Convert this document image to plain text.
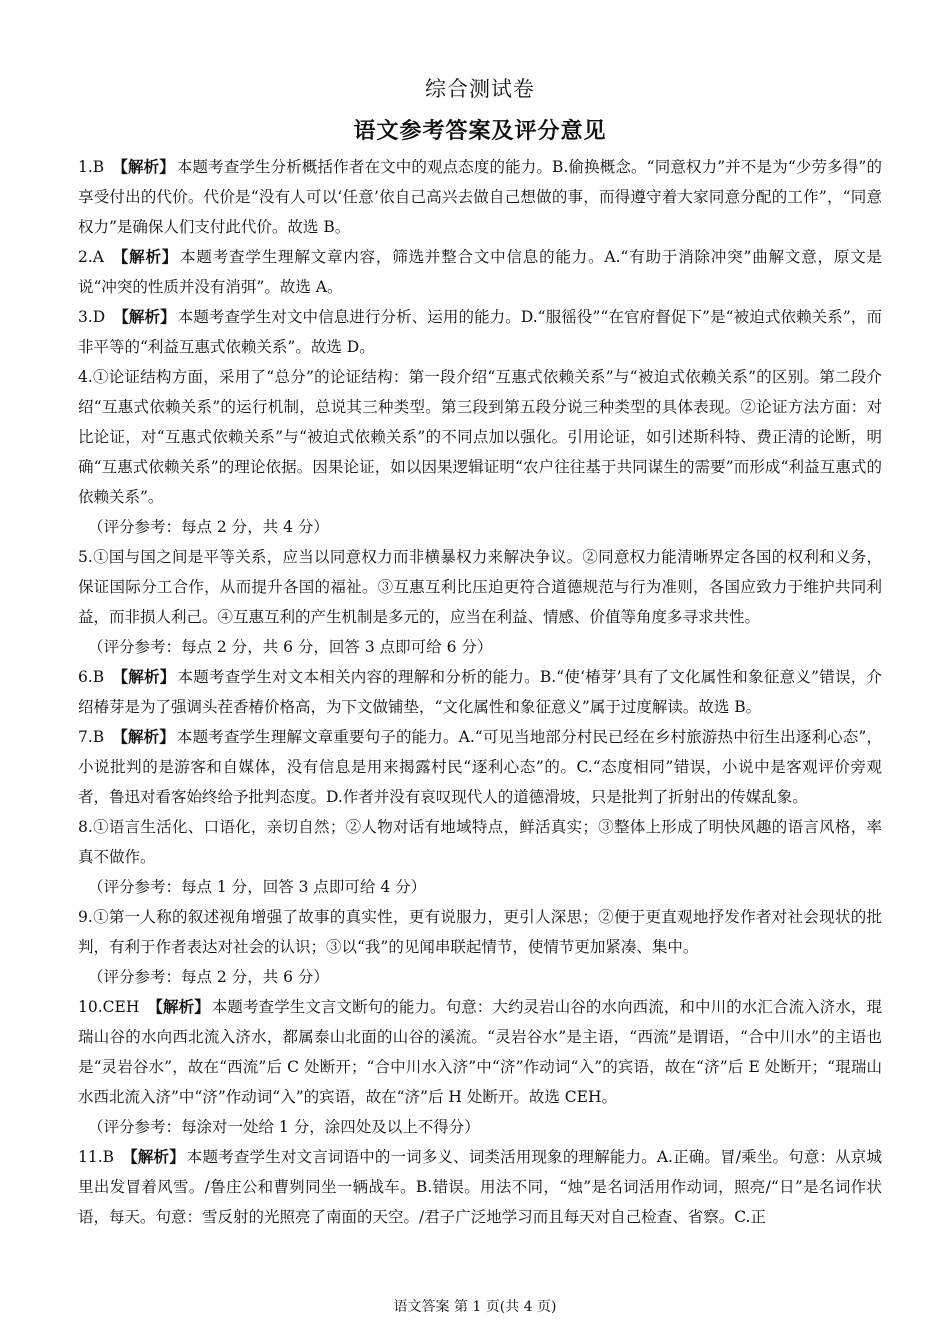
综合测试卷
语文参考答案及评分意见

1.B 【解析】 本题考查学生分析概括作者在文中的观点态度的能力。B.偷换概念。“同意权力”并不是为“少劳多得”的享受付出的代价。代价是“没有人可以‘任意’依自己高兴去做自己想做的事，而得遵守着大家同意分配的工作”，“同意权力”是确保人们支付此代价。故选 B。

2.A 【解析】 本题考查学生理解文章内容，筛选并整合文中信息的能力。A.“有助于消除冲突”曲解文意，原文是说“冲突的性质并没有消弭”。故选 A。

3.D 【解析】 本题考查学生对文中信息进行分析、运用的能力。D.“服徭役”“在官府督促下”是“被迫式依赖关系”，而非平等的“利益互惠式依赖关系”。故选 D。

4.①论证结构方面，采用了“总分”的论证结构：第一段介绍“互惠式依赖关系”与“被迫式依赖关系”的区别。第二段介绍“互惠式依赖关系”的运行机制，总说其三种类型。第三段到第五段分说三种类型的具体表现。②论证方法方面：对比论证，对“互惠式依赖关系”与“被迫式依赖关系”的不同点加以强化。引用论证，如引述斯科特、费正清的论断，明确“互惠式依赖关系”的理论依据。因果论证，如以因果逻辑证明“农户往往基于共同谋生的需要”而形成“利益互惠式的依赖关系”。

（评分参考：每点 2 分，共 4 分）

5.①国与国之间是平等关系，应当以同意权力而非横暴权力来解决争议。②同意权力能清晰界定各国的权利和义务，保证国际分工合作，从而提升各国的福祉。③互惠互利比压迫更符合道德规范与行为准则，各国应致力于维护共同利益，而非损人利己。④互惠互利的产生机制是多元的，应当在利益、情感、价值等角度多寻求共性。

（评分参考：每点 2 分，共 6 分，回答 3 点即可给 6 分）

6.B 【解析】 本题考查学生对文本相关内容的理解和分析的能力。B.“使‘椿芽’具有了文化属性和象征意义”错误，介绍椿芽是为了强调头茬香椿价格高，为下文做铺垫，“文化属性和象征意义”属于过度解读。故选 B。

7.B 【解析】 本题考查学生理解文章重要句子的能力。A.“可见当地部分村民已经在乡村旅游热中衍生出逐利心态”，小说批判的是游客和自媒体，没有信息是用来揭露村民“逐利心态”的。C.“态度相同”错误，小说中是客观评价旁观者，鲁迅对看客始终给予批判态度。D.作者并没有哀叹现代人的道德滑坡，只是批判了折射出的传媒乱象。

8.①语言生活化、口语化，亲切自然；②人物对话有地域特点，鲜活真实；③整体上形成了明快风趣的语言风格，率真不做作。

（评分参考：每点 1 分，回答 3 点即可给 4 分）

9.①第一人称的叙述视角增强了故事的真实性，更有说服力，更引人深思；②便于更直观地抒发作者对社会现状的批判，有利于作者表达对社会的认识；③以“我”的见闻串联起情节，使情节更加紧凑、集中。

（评分参考：每点 2 分，共 6 分）

10.CEH 【解析】 本题考查学生文言文断句的能力。句意：大约灵岩山谷的水向西流，和中川的水汇合流入济水，琨瑞山谷的水向西北流入济水，都属泰山北面的山谷的溪流。“灵岩谷水”是主语，“西流”是谓语，“合中川水”的主语也是“灵岩谷水”，故在“西流”后 C 处断开；“合中川水入济”中“济”作动词“入”的宾语，故在“济”后 E 处断开；“琨瑞山水西北流入济”中“济”作动词“入”的宾语，故在“济”后 H 处断开。故选 CEH。

（评分参考：每涂对一处给 1 分，涂四处及以上不得分）

11.B 【解析】 本题考查学生对文言词语中的一词多义、词类活用现象的理解能力。A.正确。冒/乘坐。句意：从京城里出发冒着风雪。/鲁庄公和曹刿同坐一辆战车。B.错误。用法不同，“烛”是名词活用作动词，照亮/“日”是名词作状语，每天。句意：雪反射的光照亮了南面的天空。/君子广泛地学习而且每天对自己检查、省察。C.正

语文答案 第 1 页(共 4 页)
